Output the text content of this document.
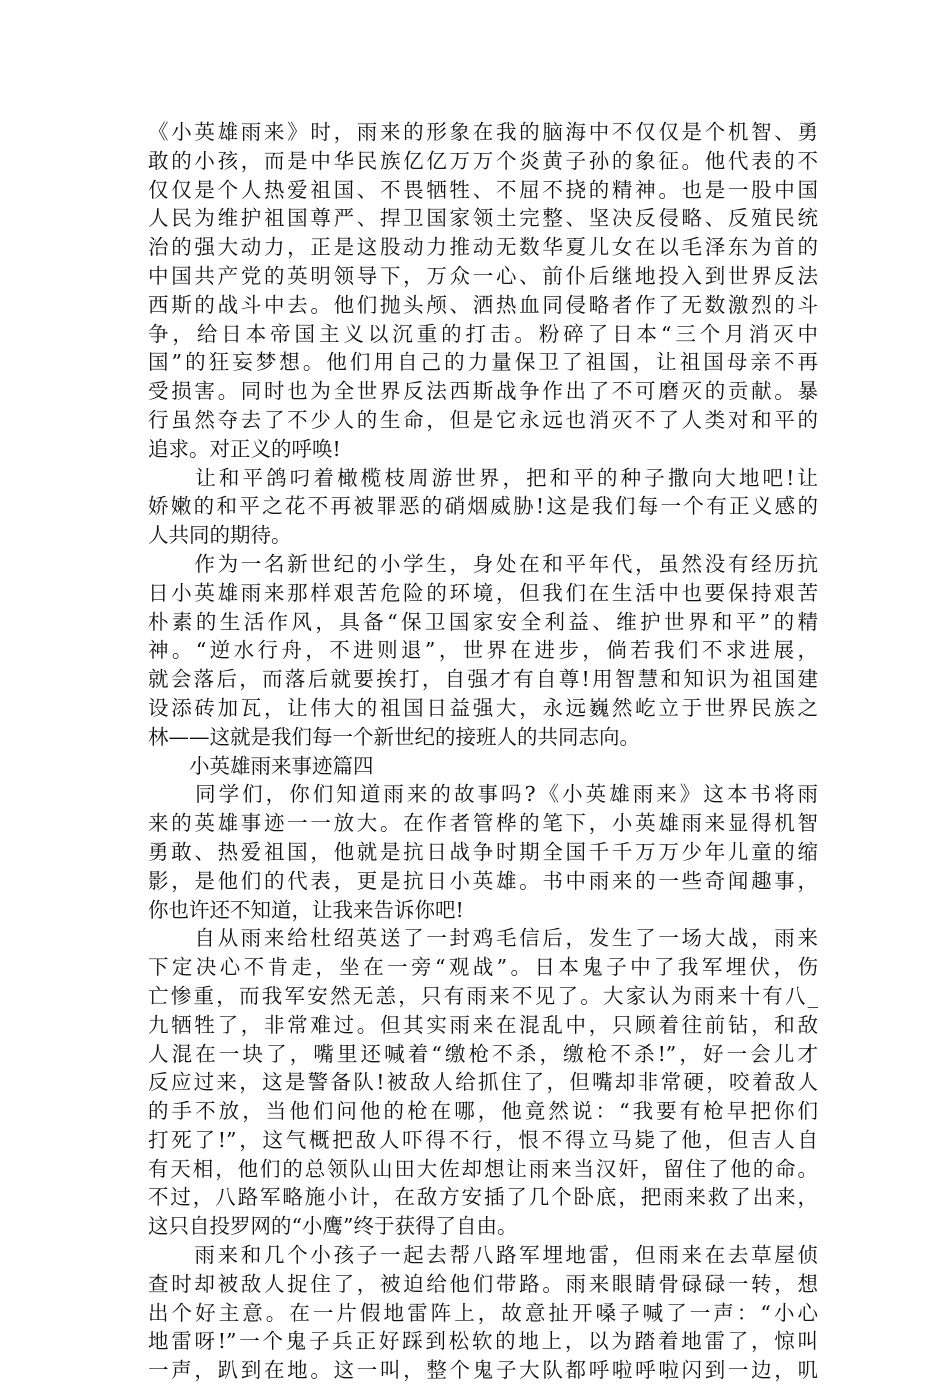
《小英雄雨来》时，雨来的形象在我的脑海中不仅仅是个机智、勇
敢的小孩，而是中华民族亿亿万万个炎黄子孙的象征。他代表的不
仅仅是个人热爱祖国、不畏牺牲、不屈不挠的精神。也是一股中国
人民为维护祖国尊严、捍卫国家领土完整、坚决反侵略、反殖民统
治的强大动力，正是这股动力推动无数华夏儿女在以毛泽东为首的
中国共产党的英明领导下，万众一心、前仆后继地投入到世界反法
西斯的战斗中去。他们抛头颅、洒热血同侵略者作了无数激烈的斗
争，给日本帝国主义以沉重的打击。粉碎了日本“三个月消灭中
国”的狂妄梦想。他们用自己的力量保卫了祖国，让祖国母亲不再
受损害。同时也为全世界反法西斯战争作出了不可磨灭的贡献。暴
行虽然夺去了不少人的生命，但是它永远也消灭不了人类对和平的
追求。对正义的呼唤!
　　让和平鸽叼着橄榄枝周游世界，把和平的种子撒向大地吧!让
娇嫩的和平之花不再被罪恶的硝烟威胁!这是我们每一个有正义感的
人共同的期待。
　　作为一名新世纪的小学生，身处在和平年代，虽然没有经历抗
日小英雄雨来那样艰苦危险的环境，但我们在生活中也要保持艰苦
朴素的生活作风，具备“保卫国家安全利益、维护世界和平”的精
神。“逆水行舟，不进则退”，世界在进步，倘若我们不求进展，
就会落后，而落后就要挨打，自强才有自尊!用智慧和知识为祖国建
设添砖加瓦，让伟大的祖国日益强大，永远巍然屹立于世界民族之
林——这就是我们每一个新世纪的接班人的共同志向。
　　小英雄雨来事迹篇四
　　同学们，你们知道雨来的故事吗?《小英雄雨来》这本书将雨
来的英雄事迹一一放大。在作者管桦的笔下，小英雄雨来显得机智
勇敢、热爱祖国，他就是抗日战争时期全国千千万万少年儿童的缩
影，是他们的代表，更是抗日小英雄。书中雨来的一些奇闻趣事，
你也许还不知道，让我来告诉你吧!
　　自从雨来给杜绍英送了一封鸡毛信后，发生了一场大战，雨来
下定决心不肯走，坐在一旁“观战”。日本鬼子中了我军埋伏，伤
亡惨重，而我军安然无恙，只有雨来不见了。大家认为雨来十有八_
九牺牲了，非常难过。但其实雨来在混乱中，只顾着往前钻，和敌
人混在一块了，嘴里还喊着“缴枪不杀，缴枪不杀!”，好一会儿才
反应过来，这是警备队!被敌人给抓住了，但嘴却非常硬，咬着敌人
的手不放，当他们问他的枪在哪，他竟然说：“我要有枪早把你们
打死了!”，这气概把敌人吓得不行，恨不得立马毙了他，但吉人自
有天相，他们的总领队山田大佐却想让雨来当汉奸，留住了他的命。
不过，八路军略施小计，在敌方安插了几个卧底，把雨来救了出来，
这只自投罗网的“小鹰”终于获得了自由。
　　雨来和几个小孩子一起去帮八路军埋地雷，但雨来在去草屋侦
查时却被敌人捉住了，被迫给他们带路。雨来眼睛骨碌碌一转，想
出个好主意。在一片假地雷阵上，故意扯开嗓子喊了一声：“小心
地雷呀!”一个鬼子兵正好踩到松软的地上，以为踏着地雷了，惊叫
一声，趴到在地。这一叫，整个鬼子大队都呼啦呼啦闪到一边，叽
